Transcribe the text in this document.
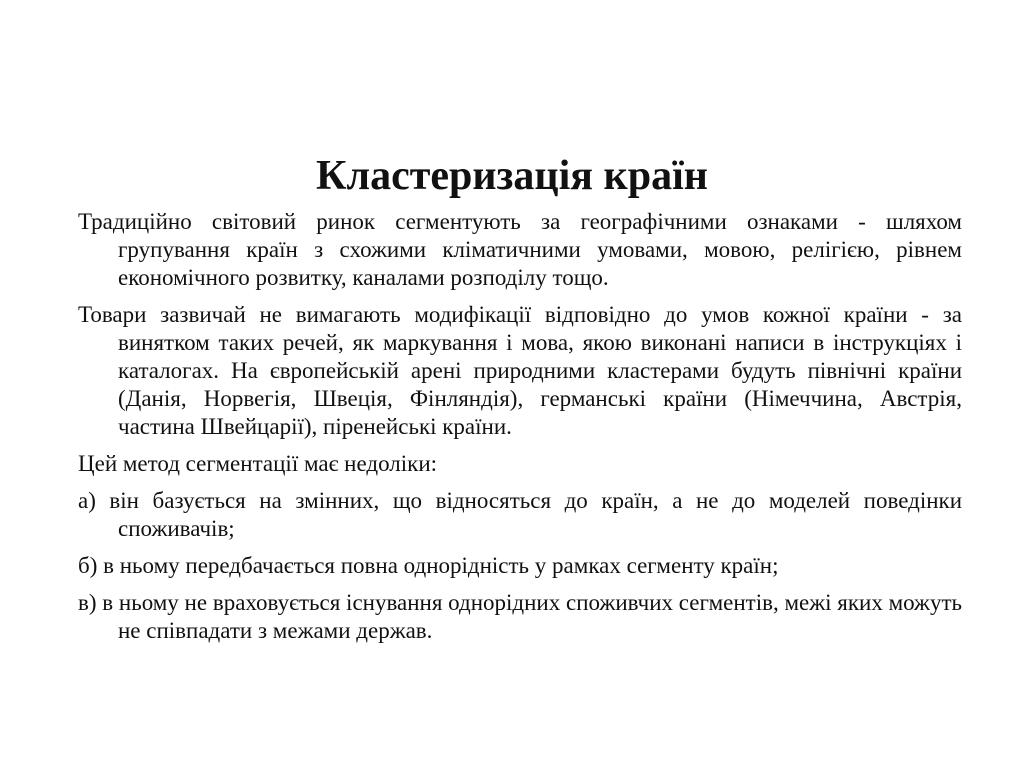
Кластеризація країн

Традиційно світовий ринок сегментують за географічними ознаками - шляхом групування країн з схожими кліматичними умовами, мовою, релігією, рівнем економічного розвитку, каналами розподілу тощо.

Товари зазвичай не вимагають модифікації відповідно до умов кожної країни - за винятком таких речей, як маркування і мова, якою виконані написи в інструкціях і каталогах. На європейській арені природними кластерами будуть північні країни (Данія, Норвегія, Швеція, Фінляндія), германські країни (Німеччина, Австрія, частина Швейцарії), піренейські країни.

Цей метод сегментації має недоліки:

а) він базується на змінних, що відносяться до країн, а не до моделей поведінки споживачів;

б) в ньому передбачається повна однорідність у рамках сегменту країн;

в) в ньому не враховується існування однорідних споживчих сегментів, межі яких можуть не співпадати з межами держав.
